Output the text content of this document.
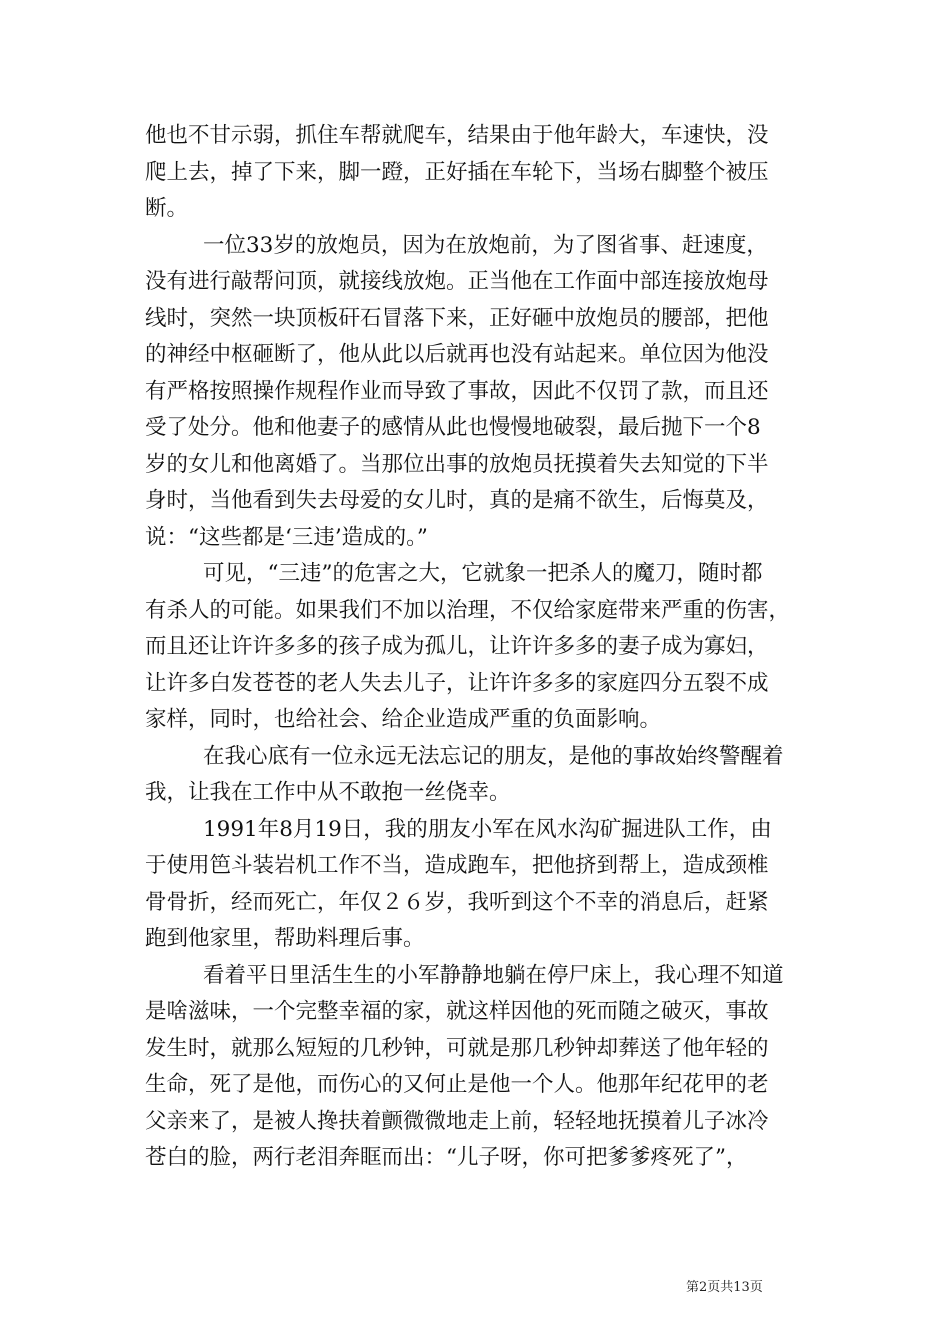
他也不甘示弱，抓住车帮就爬车，结果由于他年龄大，车速快，没
爬上去，掉了下来，脚一蹬，正好插在车轮下，当场右脚整个被压
断。
一位33岁的放炮员，因为在放炮前，为了图省事、赶速度，
没有进行敲帮问顶，就接线放炮。正当他在工作面中部连接放炮母
线时，突然一块顶板矸石冒落下来，正好砸中放炮员的腰部，把他
的神经中枢砸断了，他从此以后就再也没有站起来。单位因为他没
有严格按照操作规程作业而导致了事故，因此不仅罚了款，而且还
受了处分。他和他妻子的感情从此也慢慢地破裂，最后抛下一个8
岁的女儿和他离婚了。当那位出事的放炮员抚摸着失去知觉的下半
身时，当他看到失去母爱的女儿时，真的是痛不欲生，后悔莫及，
说：“这些都是‘三违’造成的。”
可见，“三违”的危害之大，它就象一把杀人的魔刀，随时都
有杀人的可能。如果我们不加以治理，不仅给家庭带来严重的伤害，
而且还让许许多多的孩子成为孤儿，让许许多多的妻子成为寡妇，
让许多白发苍苍的老人失去儿子，让许许多多的家庭四分五裂不成
家样，同时，也给社会、给企业造成严重的负面影响。
在我心底有一位永远无法忘记的朋友，是他的事故始终警醒着
我，让我在工作中从不敢抱一丝侥幸。
1991年8月19日，我的朋友小军在风水沟矿掘进队工作，由
于使用笆斗装岩机工作不当，造成跑车，把他挤到帮上，造成颈椎
骨骨折，经而死亡，年仅２６岁，我听到这个不幸的消息后，赶紧
跑到他家里，帮助料理后事。
看着平日里活生生的小军静静地躺在停尸床上，我心理不知道
是啥滋味，一个完整幸福的家，就这样因他的死而随之破灭，事故
发生时，就那么短短的几秒钟，可就是那几秒钟却葬送了他年轻的
生命，死了是他，而伤心的又何止是他一个人。他那年纪花甲的老
父亲来了，是被人搀扶着颤微微地走上前，轻轻地抚摸着儿子冰冷
苍白的脸，两行老泪奔眶而出：“儿子呀，你可把爹爹疼死了”，
第2页共13页
